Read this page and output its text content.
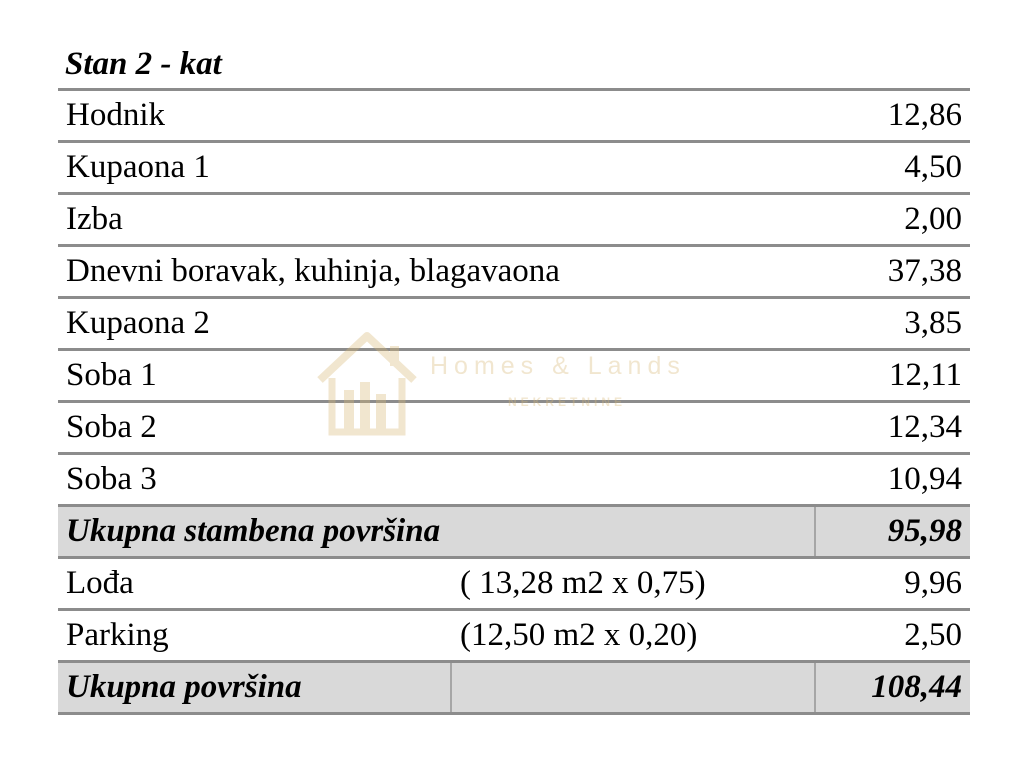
Stan 2 - kat
Hodnik	12,86
Kupaona 1	4,50
Izba	2,00
Dnevni boravak, kuhinja, blagavaona	37,38
Kupaona 2	3,85
Soba 1	12,11
Soba 2	12,34
Soba 3	10,94
Ukupna stambena površina	95,98
Lođa	( 13,28 m2 x 0,75)	9,96
Parking	(12,50 m2 x 0,20)	2,50
Ukupna površina	108,44
Homes & Lands
NEKRETNINE
